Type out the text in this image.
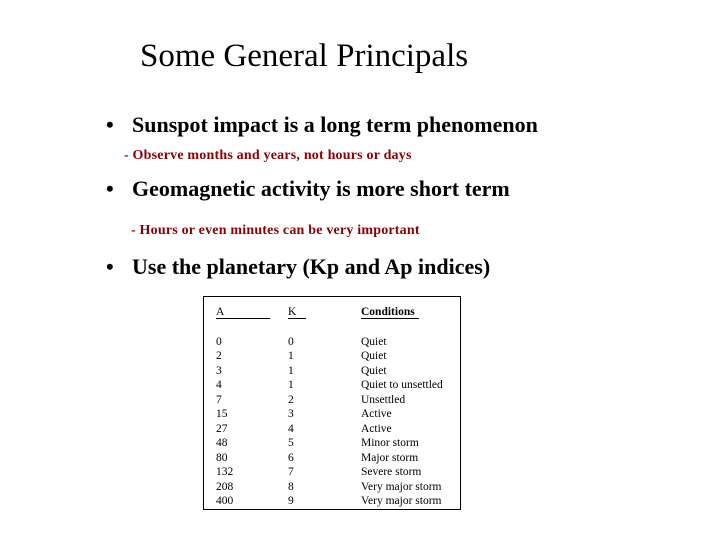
Some General Principals
• Sunspot impact is a long term phenomenon
- Observe months and years, not hours or days
• Geomagnetic activity is more short term
- Hours or even minutes can be very important
• Use the planetary (Kp and Ap indices)
A
0
2
3
4
7
15
27
48
80
132
208
400
K
0
1
1
1
2
3
4
5
6
7
8
9
Conditions
Quiet
Quiet
Quiet
Quiet to unsettled
Unsettled
Active
Active
Minor storm
Major storm
Severe storm
Very major storm
Very major storm
